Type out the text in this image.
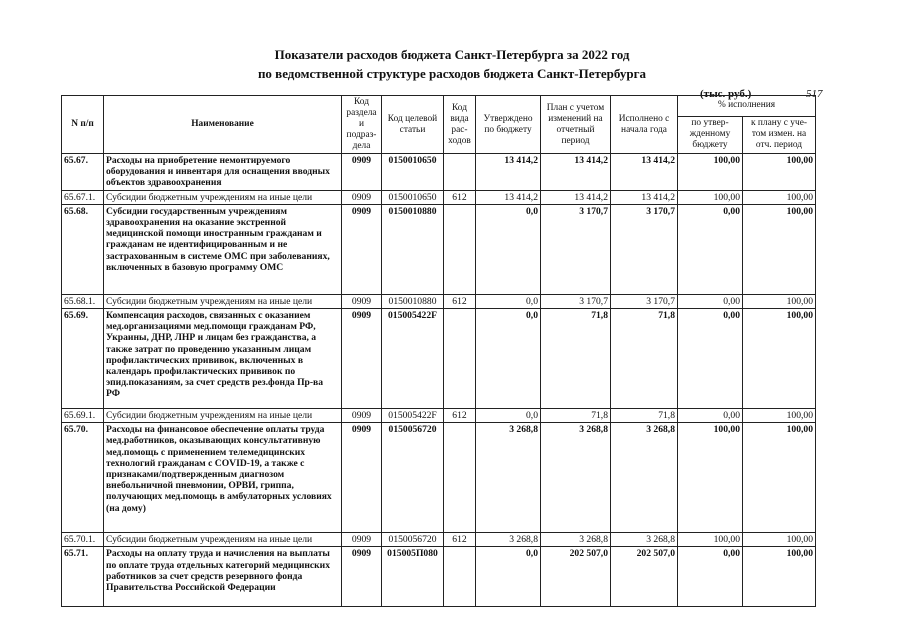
Показатели расходов бюджета Санкт-Петербурга за 2022 год
по ведомственной структуре расходов бюджета Санкт-Петербурга
(тыс. руб.)	517
N п/п	Наименование	Код раздела и подраз-дела	Код целевой статьи	Код вида рас-ходов	Утверждено по бюджету	План с учетом изменений на отчетный период	Исполнено с начала года	% исполнения	
								по утвер-жденному бюджету	к плану с уче-том измен. на отч. период
65.67.	Расходы на приобретение немонтируемого оборудования и инвентаря для оснащения вводных объектов здравоохранения	0909	0150010650		13 414,2	13 414,2	13 414,2	100,00	100,00
65.67.1.	Субсидии бюджетным учреждениям на иные цели	0909	0150010650	612	13 414,2	13 414,2	13 414,2	100,00	100,00
65.68.	Субсидии государственным учреждениям здравоохранения на оказание экстренной медицинской помощи иностранным гражданам и гражданам не идентифицированным и не застрахованным в системе ОМС при заболеваниях, включенных в базовую программу ОМС	0909	0150010880		0,0	3 170,7	3 170,7	0,00	100,00
65.68.1.	Субсидии бюджетным учреждениям на иные цели	0909	0150010880	612	0,0	3 170,7	3 170,7	0,00	100,00
65.69.	Компенсация расходов, связанных с оказанием мед.организациями мед.помощи гражданам РФ, Украины, ДНР, ЛНР и лицам без гражданства, а также затрат по проведению указанным лицам профилактических прививок, включенных в календарь профилактических прививок по эпид.показаниям, за счет средств рез.фонда Пр-ва РФ	0909	015005422F		0,0	71,8	71,8	0,00	100,00
65.69.1.	Субсидии бюджетным учреждениям на иные цели	0909	015005422F	612	0,0	71,8	71,8	0,00	100,00
65.70.	Расходы на финансовое обеспечение оплаты труда мед.работников, оказывающих консультативную мед.помощь с применением телемедицинских технологий гражданам с COVID-19, а также с признаками/подтвержденным диагнозом внебольничной пневмонии, ОРВИ, гриппа, получающих мед.помощь в амбулаторных условиях (на дому)	0909	0150056720		3 268,8	3 268,8	3 268,8	100,00	100,00
65.70.1.	Субсидии бюджетным учреждениям на иные цели	0909	0150056720	612	3 268,8	3 268,8	3 268,8	100,00	100,00
65.71.	Расходы на оплату труда и начисления на выплаты по оплате труда отдельных категорий медицинских работников за счет средств резервного фонда Правительства Российской Федерации	0909	015005П080		0,0	202 507,0	202 507,0	0,00	100,00
